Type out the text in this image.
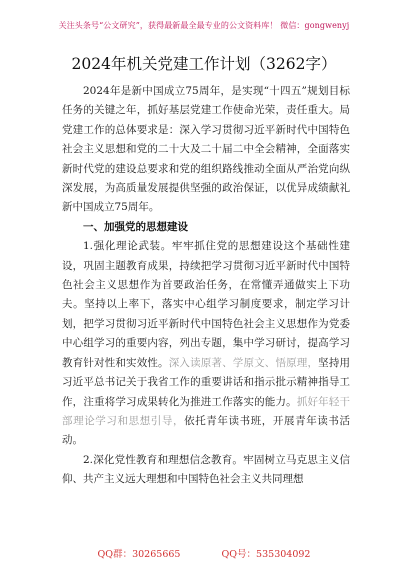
关注头条号“公文研究”，获得最新最全最专业的公文资料库！ 微信：gongwenyj
2024年机关党建工作计划（3262字）

2024年是新中国成立75周年，是实现“十四五”规划目标任务的关键之年，抓好基层党建工作使命光荣，责任重大。局党建工作的总体要求是：深入学习贯彻习近平新时代中国特色社会主义思想和党的二十大及二十届二中全会精神，全面落实新时代党的建设总要求和党的组织路线推动全面从严治党向纵深发展，为高质量发展提供坚强的政治保证，以优异成绩献礼新中国成立75周年。

一、加强党的思想建设

1.强化理论武装。牢牢抓住党的思想建设这个基础性建设，巩固主题教育成果，持续把学习贯彻习近平新时代中国特色社会主义思想作为首要政治任务，在常懂弄通做实上下功夫。坚持以上率下，落实中心组学习制度要求，制定学习计划，把学习贯彻习近平新时代中国特色社会主义思想作为党委中心组学习的重要内容，列出专题，集中学习研讨，提高学习教育针对性和实效性。深入读原著、学原文、悟原理，坚持用习近平总书记关于我省工作的重要讲话和指示批示精神指导工作，注重将学习成果转化为推进工作落实的能力。抓好年轻干部理论学习和思想引导，依托青年读书班，开展青年读书活动。

2.深化党性教育和理想信念教育。牢固树立马克思主义信仰、共产主义远大理想和中国特色社会主义共同理想

QQ群：30265665	QQ号：535304092
